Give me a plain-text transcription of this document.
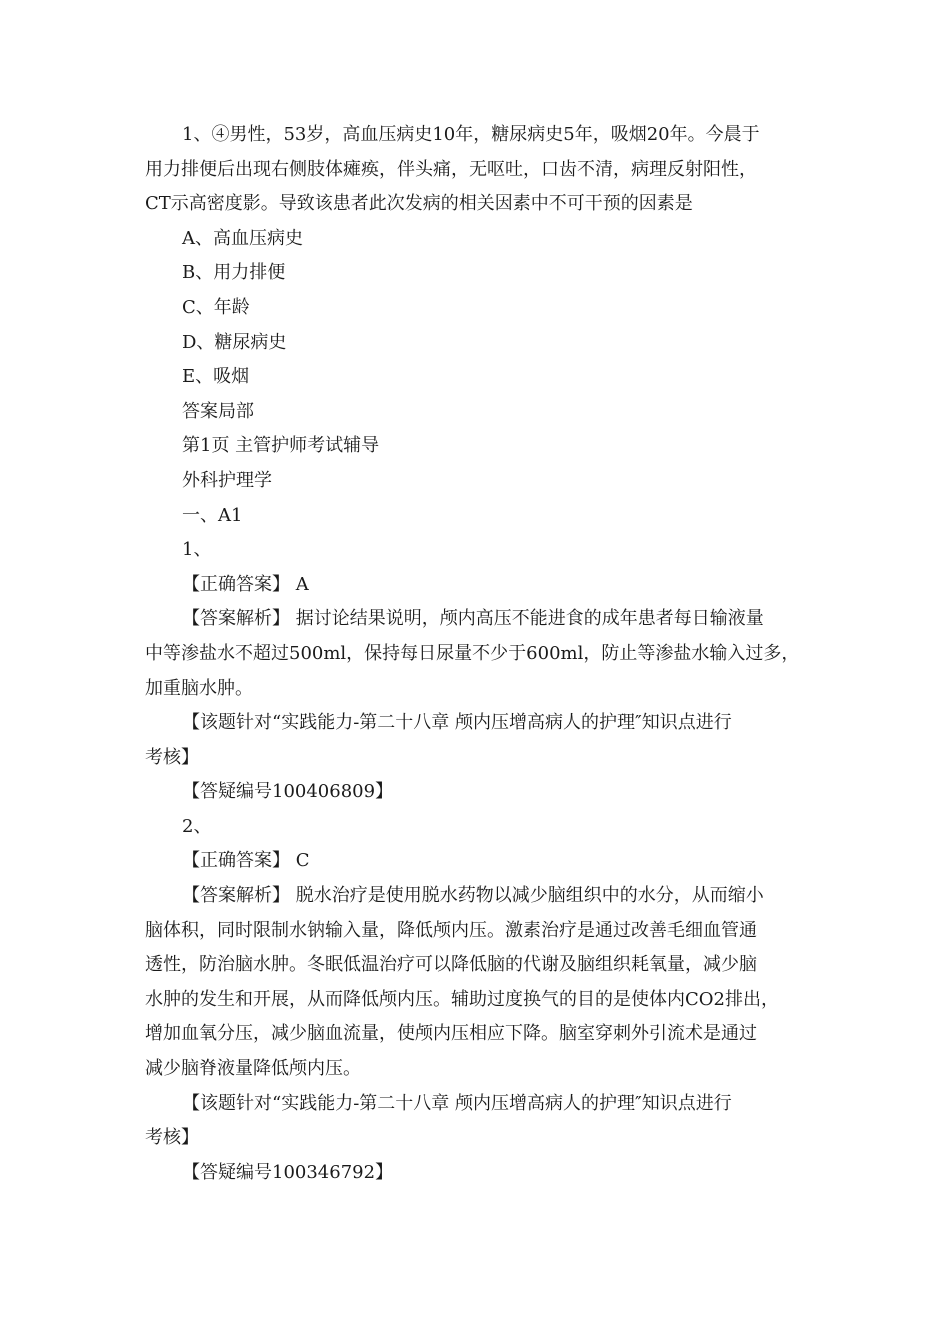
1、④男性，53岁，高血压病史10年，糖尿病史5年，吸烟20年。今晨于
用力排便后出现右侧肢体瘫痪，伴头痛，无呕吐，口齿不清，病理反射阳性，
CT示高密度影。导致该患者此次发病的相关因素中不可干预的因素是
A、高血压病史
B、用力排便
C、年龄
D、糖尿病史
E、吸烟
答案局部
第1页 主管护师考试辅导
外科护理学
一、A1
1、
【正确答案】 A
【答案解析】 据讨论结果说明，颅内高压不能进食的成年患者每日输液量
中等渗盐水不超过500ml，保持每日尿量不少于600ml，防止等渗盐水输入过多，
加重脑水肿。
【该题针对“实践能力-第二十八章 颅内压增高病人的护理″知识点进行
考核】
【答疑编号100406809】
2、
【正确答案】 C
【答案解析】 脱水治疗是使用脱水药物以减少脑组织中的水分，从而缩小
脑体积，同时限制水钠输入量，降低颅内压。激素治疗是通过改善毛细血管通
透性，防治脑水肿。冬眠低温治疗可以降低脑的代谢及脑组织耗氧量，减少脑
水肿的发生和开展，从而降低颅内压。辅助过度换气的目的是使体内CO2排出，
增加血氧分压，减少脑血流量，使颅内压相应下降。脑室穿刺外引流术是通过
减少脑脊液量降低颅内压。
【该题针对“实践能力-第二十八章 颅内压增高病人的护理″知识点进行
考核】
【答疑编号100346792】
